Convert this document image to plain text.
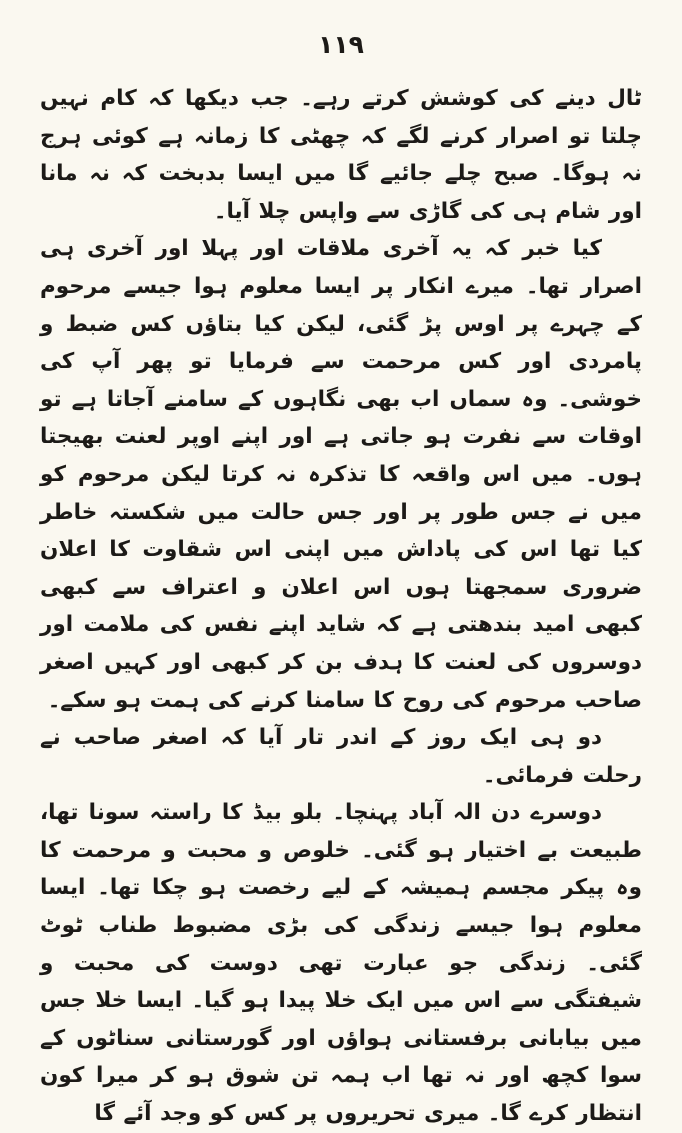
۱۱۹

ٹال دینے کی کوشش کرتے رہے۔ جب دیکھا کہ کام نہیں چلتا تو اصرار کرنے لگے کہ چھٹی کا زمانہ ہے کوئی ہرج نہ ہوگا۔ صبح چلے جائیے گا میں ایسا بدبخت کہ نہ مانا اور شام ہی کی گاڑی سے واپس چلا آیا۔

کیا خبر کہ یہ آخری ملاقات اور پہلا اور آخری ہی اصرار تھا۔ میرے انکار پر ایسا معلوم ہوا جیسے مرحوم کے چہرے پر اوس پڑ گئی، لیکن کیا بتاؤں کس ضبط و پامردی اور کس مرحمت سے فرمایا تو پھر آپ کی خوشی۔ وہ سماں اب بھی نگاہوں کے سامنے آجاتا ہے تو اوقات سے نفرت ہو جاتی ہے اور اپنے اوپر لعنت بھیجتا ہوں۔ میں اس واقعہ کا تذکرہ نہ کرتا لیکن مرحوم کو میں نے جس طور پر اور جس حالت میں شکستہ خاطر کیا تھا اس کی پاداش میں اپنی اس شقاوت کا اعلان ضروری سمجھتا ہوں اس اعلان و اعتراف سے کبھی کبھی امید بندھتی ہے کہ شاید اپنے نفس کی ملامت اور دوسروں کی لعنت کا ہدف بن کر کبھی اور کہیں اصغر صاحب مرحوم کی روح کا سامنا کرنے کی ہمت ہو سکے۔

دو ہی ایک روز کے اندر تار آیا کہ اصغر صاحب نے رحلت فرمائی۔

دوسرے دن الہ آباد پہنچا۔ بلو بیڈ کا راستہ سونا تھا، طبیعت بے اختیار ہو گئی۔ خلوص و محبت و مرحمت کا وہ پیکر مجسم ہمیشہ کے لیے رخصت ہو چکا تھا۔ ایسا معلوم ہوا جیسے زندگی کی بڑی مضبوط طناب ٹوٹ گئی۔ زندگی جو عبارت تھی دوست کی محبت و شیفتگی سے اس میں ایک خلا پیدا ہو گیا۔ ایسا خلا جس میں بیابانی برفستانی ہواؤں اور گورستانی سناٹوں کے سوا کچھ اور نہ تھا اب ہمہ تن شوق ہو کر میرا کون انتظار کرے گا۔ میری تحریروں پر کس کو وجد آئے گا
